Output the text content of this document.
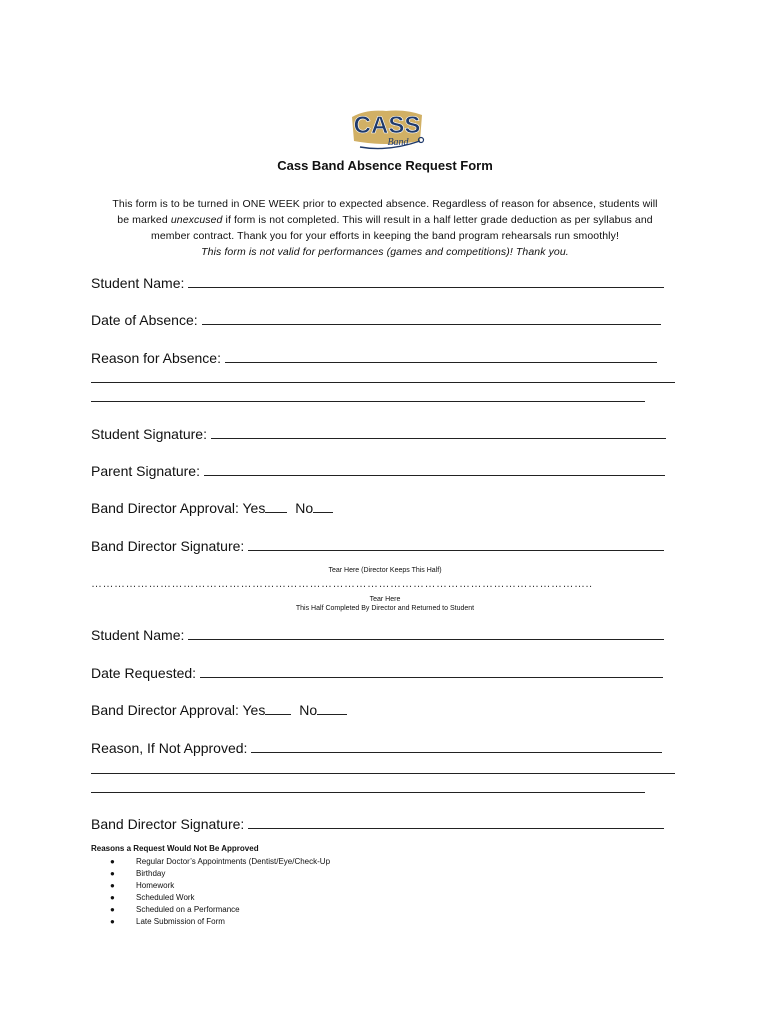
CASS
Band
Cass Band Absence Request Form
This form is to be turned in ONE WEEK prior to expected absence. Regardless of reason for absence, students will
be marked unexcused if form is not completed. This will result in a half letter grade deduction as per syllabus and
member contract. Thank you for your efforts in keeping the band program rehearsals run smoothly!
This form is not valid for performances (games and competitions)! Thank you.
Student Name:
Date of Absence:
Reason for Absence:
Student Signature:
Parent Signature:
Band Director Approval: Yes No
Band Director Signature:
Tear Here (Director Keeps This Half)
…………………………………………………………………………………………………………………..
Tear Here
This Half Completed By Director and Returned to Student
Student Name:
Date Requested:
Band Director Approval: Yes No
Reason, If Not Approved:
Band Director Signature:
Reasons a Request Would Not Be Approved
●	Regular Doctor’s Appointments (Dentist/Eye/Check-Up
●	Birthday
●	Homework
●	Scheduled Work
●	Scheduled on a Performance
●	Late Submission of Form
